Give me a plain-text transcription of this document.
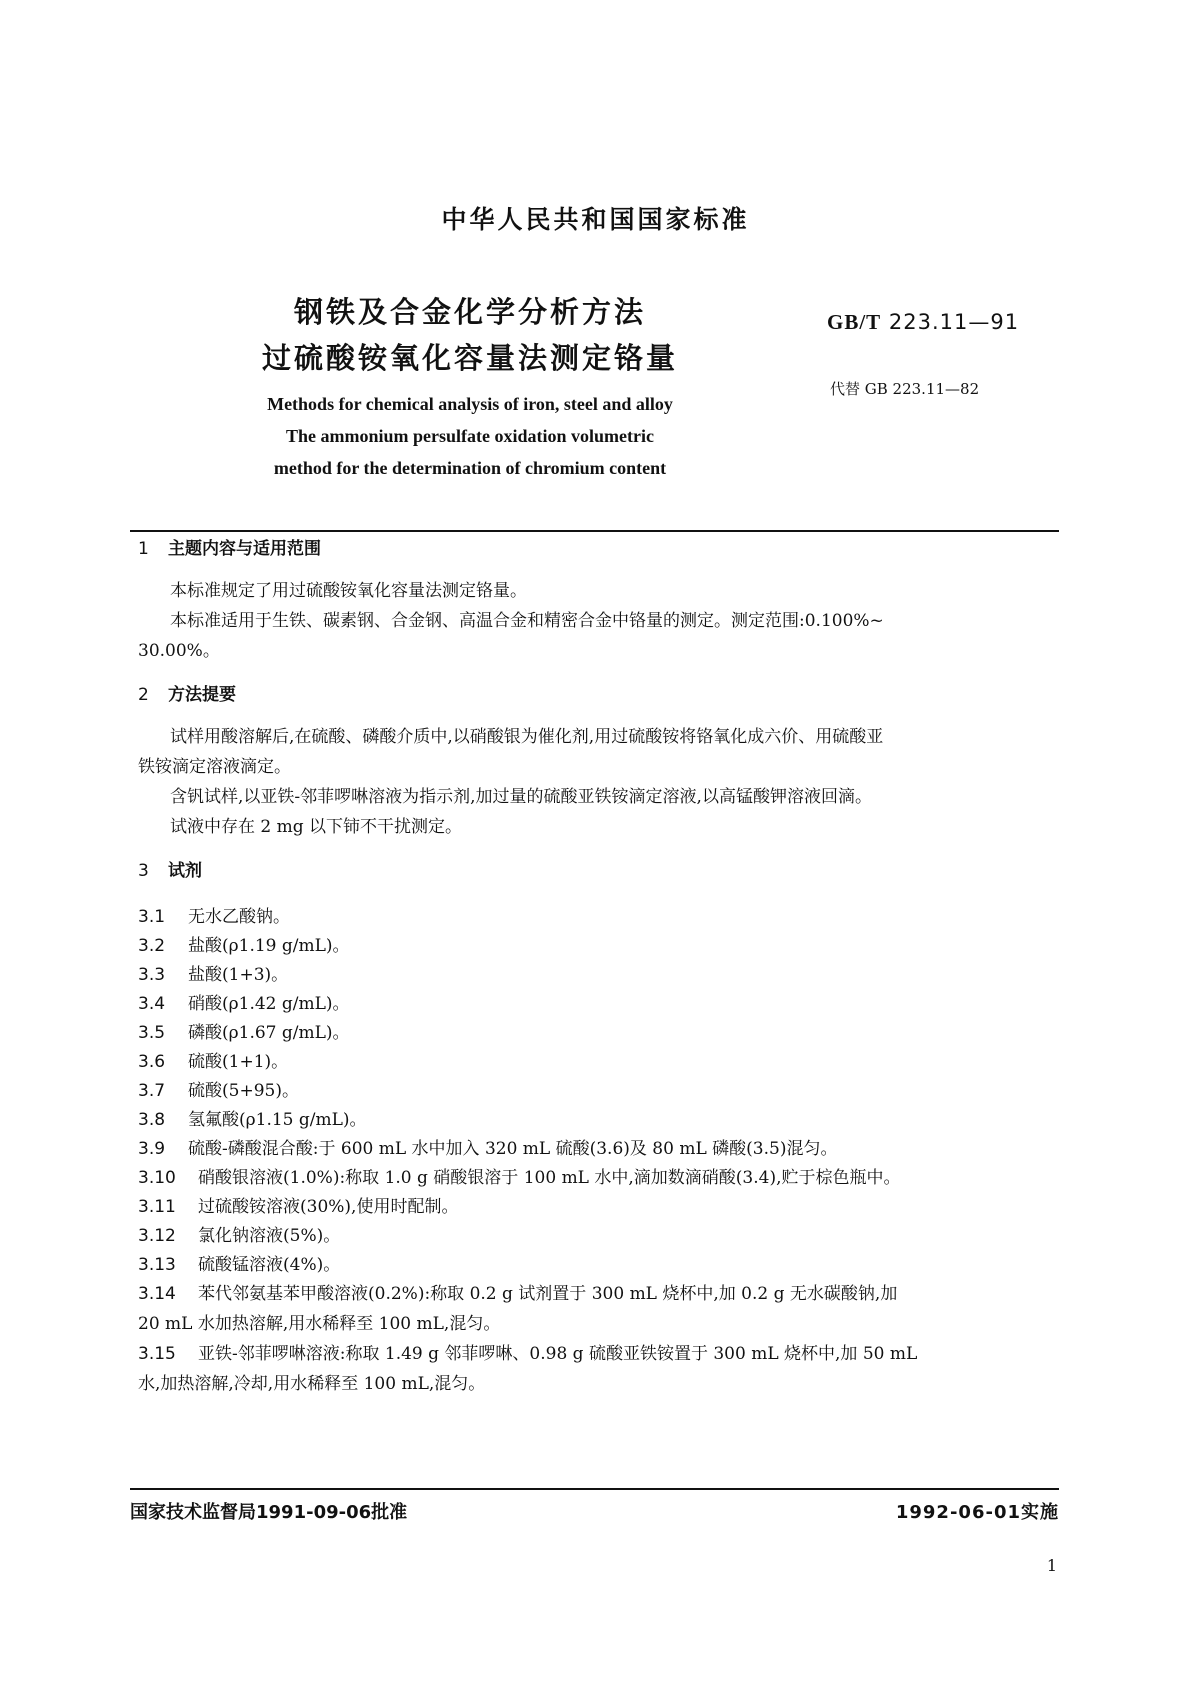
中华人民共和国国家标准
钢铁及合金化学分析方法
过硫酸铵氧化容量法测定铬量
GB/T 223.11—91
代替 GB 223.11—82
Methods for chemical analysis of iron, steel and alloy
The ammonium persulfate oxidation volumetric
method for the determination of chromium content
1 主题内容与适用范围
本标准规定了用过硫酸铵氧化容量法测定铬量。
本标准适用于生铁、碳素钢、合金钢、高温合金和精密合金中铬量的测定。测定范围:0.100%~
30.00%。
2 方法提要
试样用酸溶解后,在硫酸、磷酸介质中,以硝酸银为催化剂,用过硫酸铵将铬氧化成六价、用硫酸亚
铁铵滴定溶液滴定。
含钒试样,以亚铁-邻菲啰啉溶液为指示剂,加过量的硫酸亚铁铵滴定溶液,以高锰酸钾溶液回滴。
试液中存在 2 mg 以下铈不干扰测定。
3 试剂
3.1 无水乙酸钠。
3.2 盐酸(ρ1.19 g/mL)。
3.3 盐酸(1+3)。
3.4 硝酸(ρ1.42 g/mL)。
3.5 磷酸(ρ1.67 g/mL)。
3.6 硫酸(1+1)。
3.7 硫酸(5+95)。
3.8 氢氟酸(ρ1.15 g/mL)。
3.9 硫酸-磷酸混合酸:于 600 mL 水中加入 320 mL 硫酸(3.6)及 80 mL 磷酸(3.5)混匀。
3.10 硝酸银溶液(1.0%):称取 1.0 g 硝酸银溶于 100 mL 水中,滴加数滴硝酸(3.4),贮于棕色瓶中。
3.11 过硫酸铵溶液(30%),使用时配制。
3.12 氯化钠溶液(5%)。
3.13 硫酸锰溶液(4%)。
3.14 苯代邻氨基苯甲酸溶液(0.2%):称取 0.2 g 试剂置于 300 mL 烧杯中,加 0.2 g 无水碳酸钠,加
20 mL 水加热溶解,用水稀释至 100 mL,混匀。
3.15 亚铁-邻菲啰啉溶液:称取 1.49 g 邻菲啰啉、0.98 g 硫酸亚铁铵置于 300 mL 烧杯中,加 50 mL
水,加热溶解,冷却,用水稀释至 100 mL,混匀。
国家技术监督局1991-09-06批准	1992-06-01实施
1
